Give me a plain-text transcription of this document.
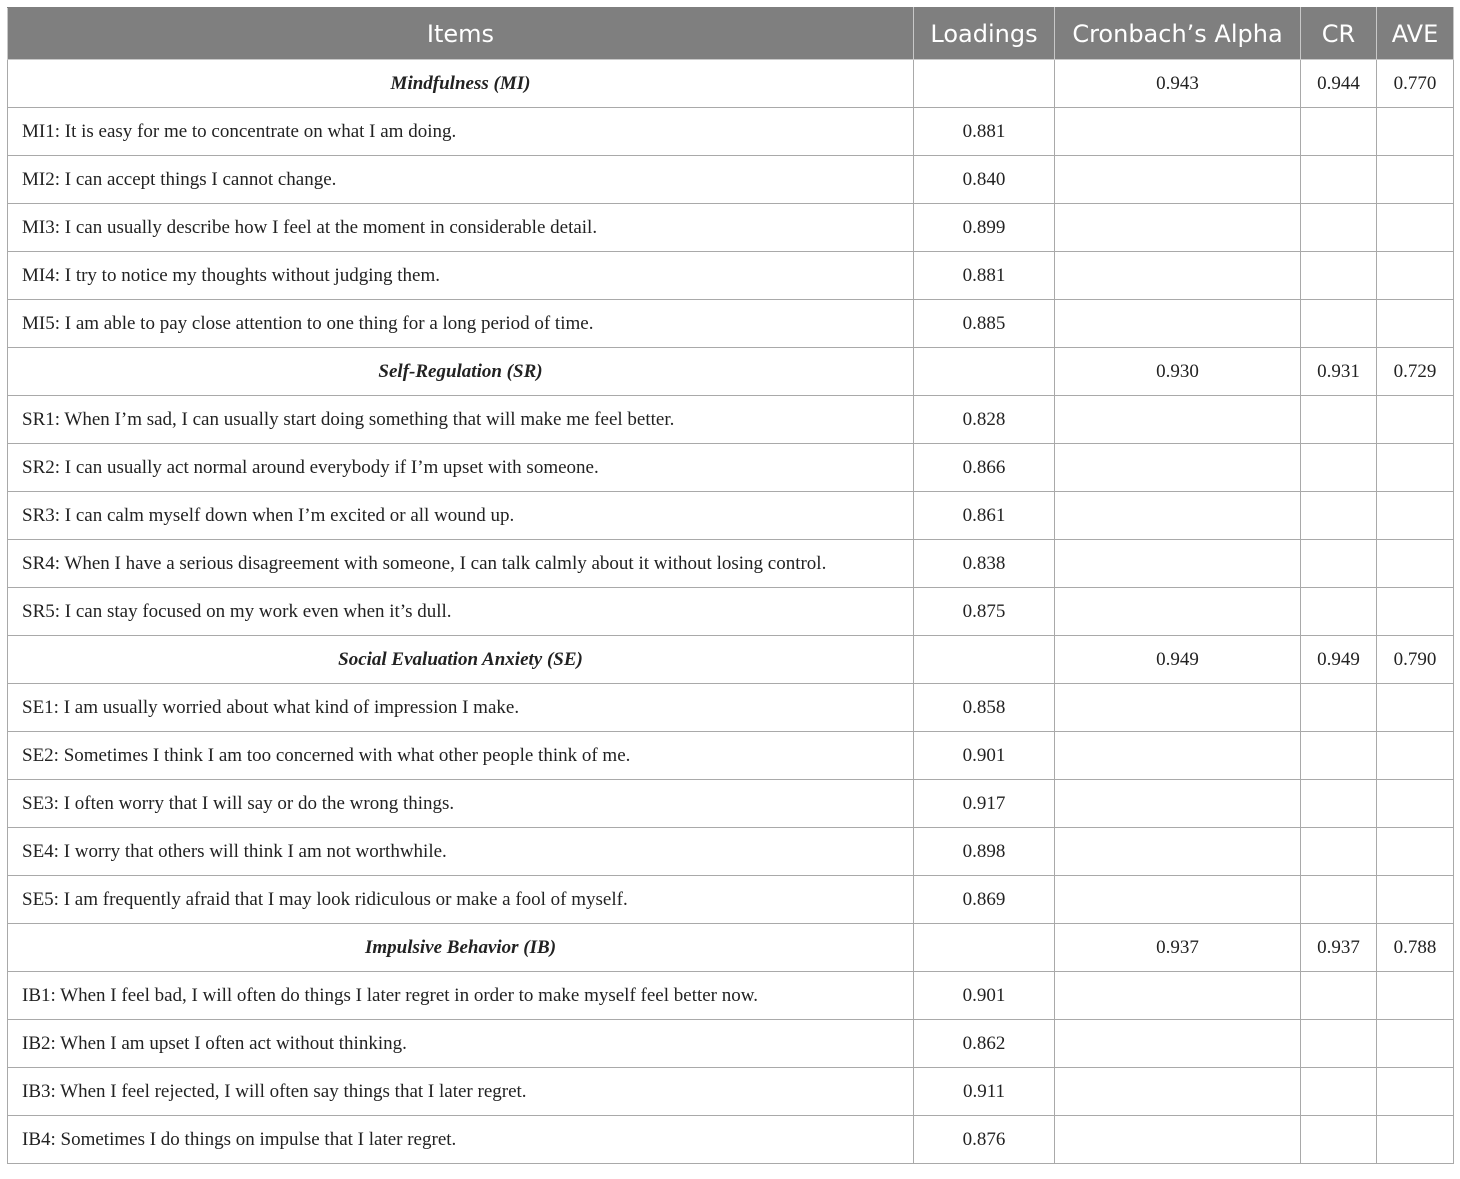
Items	Loadings	Cronbach’s Alpha	CR	AVE
Mindfulness (MI)		0.943	0.944	0.770
MI1: It is easy for me to concentrate on what I am doing.	0.881			
MI2: I can accept things I cannot change.	0.840			
MI3: I can usually describe how I feel at the moment in considerable detail.	0.899			
MI4: I try to notice my thoughts without judging them.	0.881			
MI5: I am able to pay close attention to one thing for a long period of time.	0.885			
Self-Regulation (SR)		0.930	0.931	0.729
SR1: When I’m sad, I can usually start doing something that will make me feel better.	0.828			
SR2: I can usually act normal around everybody if I’m upset with someone.	0.866			
SR3: I can calm myself down when I’m excited or all wound up.	0.861			
SR4: When I have a serious disagreement with someone, I can talk calmly about it without losing control.	0.838			
SR5: I can stay focused on my work even when it’s dull.	0.875			
Social Evaluation Anxiety (SE)		0.949	0.949	0.790
SE1: I am usually worried about what kind of impression I make.	0.858			
SE2: Sometimes I think I am too concerned with what other people think of me.	0.901			
SE3: I often worry that I will say or do the wrong things.	0.917			
SE4: I worry that others will think I am not worthwhile.	0.898			
SE5: I am frequently afraid that I may look ridiculous or make a fool of myself.	0.869			
Impulsive Behavior (IB)		0.937	0.937	0.788
IB1: When I feel bad, I will often do things I later regret in order to make myself feel better now.	0.901			
IB2: When I am upset I often act without thinking.	0.862			
IB3: When I feel rejected, I will often say things that I later regret.	0.911			
IB4: Sometimes I do things on impulse that I later regret.	0.876			
